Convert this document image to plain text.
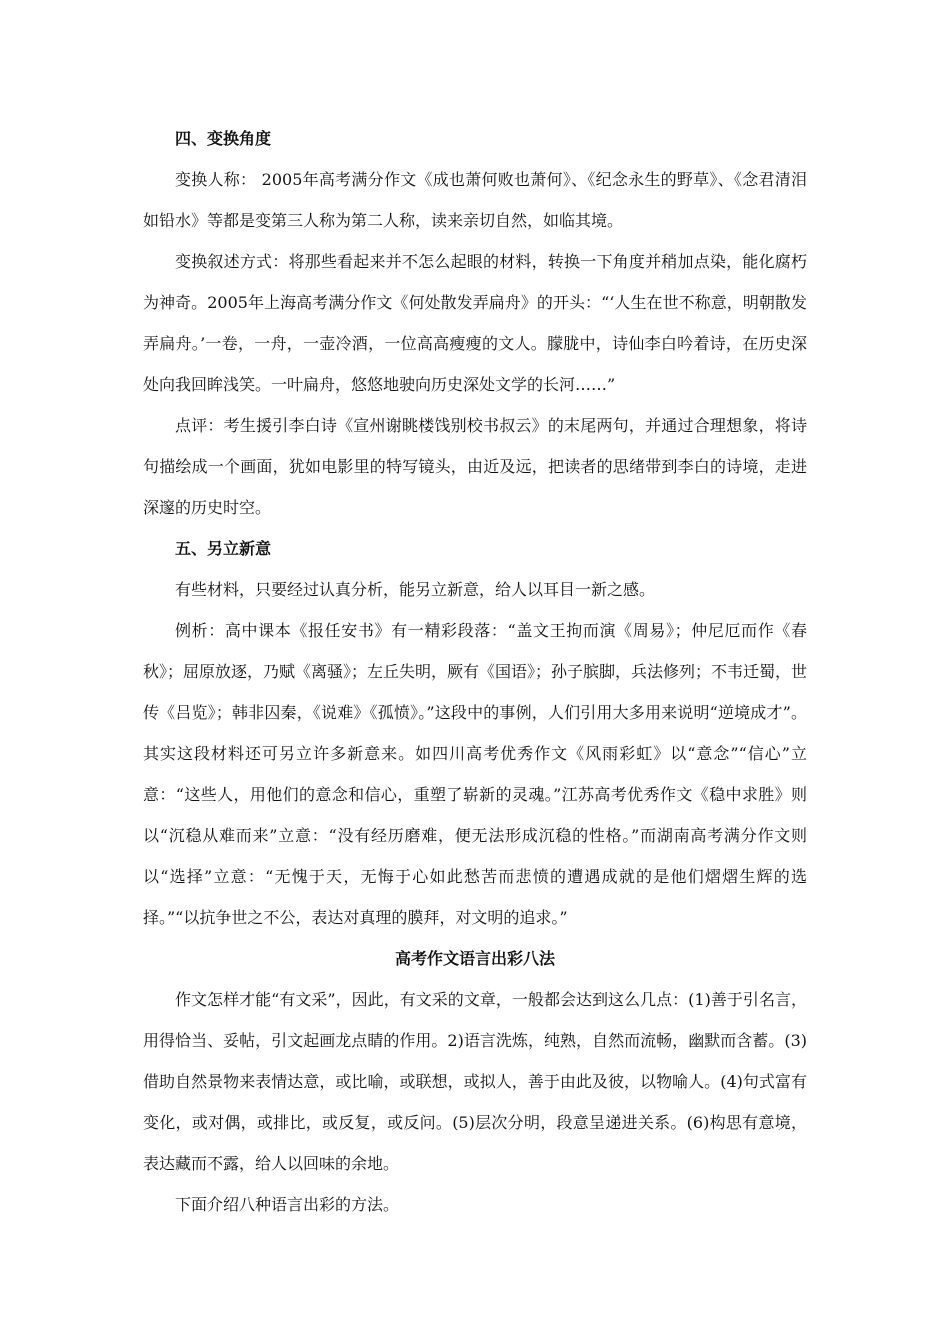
四、变换角度

变换人称： 2005年高考满分作文《成也萧何败也萧何》、《纪念永生的野草》、《念君清泪如铅水》等都是变第三人称为第二人称，读来亲切自然，如临其境。

变换叙述方式：将那些看起来并不怎么起眼的材料，转换一下角度并稍加点染，能化腐朽为神奇。2005年上海高考满分作文《何处散发弄扁舟》的开头：“‘人生在世不称意，明朝散发弄扁舟。’一卷，一舟，一壶冷酒，一位高高瘦瘦的文人。朦胧中，诗仙李白吟着诗，在历史深处向我回眸浅笑。一叶扁舟，悠悠地驶向历史深处文学的长河……”

点评：考生援引李白诗《宣州谢眺楼饯别校书叔云》的末尾两句，并通过合理想象，将诗句描绘成一个画面，犹如电影里的特写镜头，由近及远，把读者的思绪带到李白的诗境，走进深邃的历史时空。

五、另立新意

有些材料，只要经过认真分析，能另立新意，给人以耳目一新之感。

例析：高中课本《报任安书》有一精彩段落：“盖文王拘而演《周易》；仲尼厄而作《春秋》；屈原放逐，乃赋《离骚》；左丘失明，厥有《国语》；孙子膑脚，兵法修列；不韦迁蜀，世传《吕览》；韩非囚秦，《说难》《孤愤》。”这段中的事例，人们引用大多用来说明“逆境成才”。其实这段材料还可另立许多新意来。如四川高考优秀作文《风雨彩虹》以“意念”“信心”立意：“这些人，用他们的意念和信心，重塑了崭新的灵魂。”江苏高考优秀作文《稳中求胜》则以“沉稳从难而来”立意：“没有经历磨难，便无法形成沉稳的性格。”而湖南高考满分作文则以“选择”立意：“无愧于天，无悔于心如此愁苦而悲愤的遭遇成就的是他们熠熠生辉的选择。”“以抗争世之不公，表达对真理的膜拜，对文明的追求。”

高考作文语言出彩八法

作文怎样才能“有文采”，因此，有文采的文章，一般都会达到这么几点：(1)善于引名言，用得恰当、妥帖，引文起画龙点睛的作用。2)语言洗炼，纯熟，自然而流畅，幽默而含蓄。(3)借助自然景物来表情达意，或比喻，或联想，或拟人，善于由此及彼，以物喻人。(4)句式富有变化，或对偶，或排比，或反复，或反问。(5)层次分明，段意呈递进关系。(6)构思有意境，表达藏而不露，给人以回味的余地。

下面介绍八种语言出彩的方法。
